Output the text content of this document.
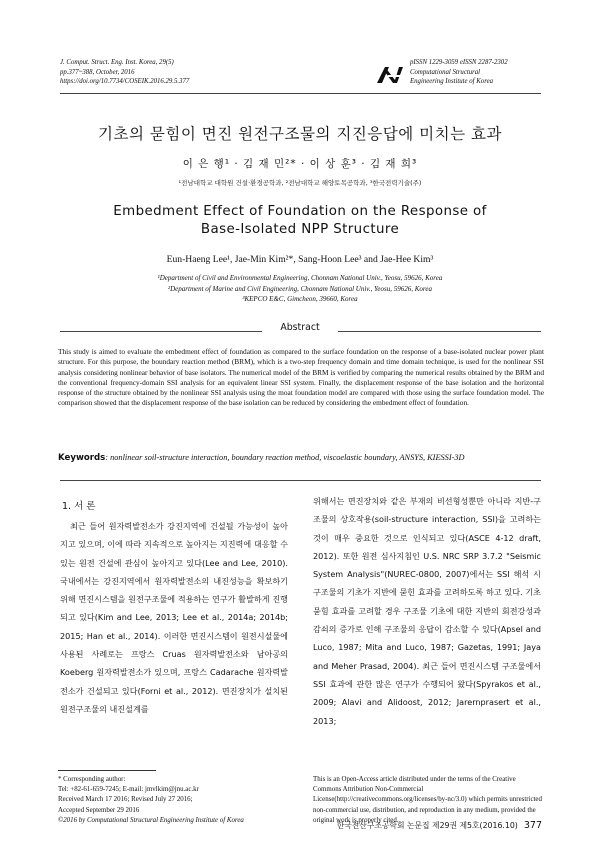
J. Comput. Struct. Eng. Inst. Korea, 29(5)
pp.377~388, October, 2016
https://doi.org/10.7734/COSEIK.2016.29.5.377
pISSN 1229-3059 eISSN 2287-2302
Computational Structural
Engineering Institute of Korea
기초의 묻힘이 면진 원전구조물의 지진응답에 미치는 효과
이 은 행¹ · 김 재 민²* · 이 상 훈³ · 김 재 희³
¹전남대학교 대학원 건설·환경공학과, ²전남대학교 해양토목공학과, ³한국전력기술(주)
Embedment Effect of Foundation on the Response of
Base-Isolated NPP Structure
Eun-Haeng Lee¹, Jae-Min Kim²*, Sang-Hoon Lee³ and Jae-Hee Kim³
¹Department of Civil and Environmental Engineering, Chonnam National Univ., Yeosu, 59626, Korea
²Department of Marine and Civil Engineering, Chonnam National Univ., Yeosu, 59626, Korea
³KEPCO E&C, Gimcheon, 39660, Korea
Abstract
This study is aimed to evaluate the embedment effect of foundation as compared to the surface foundation on the response of a base-isolated nuclear power plant structure. For this purpose, the boundary reaction method (BRM), which is a two-step frequency domain and time domain technique, is used for the nonlinear SSI analysis considering nonlinear behavior of base isolators. The numerical model of the BRM is verified by comparing the numerical results obtained by the BRM and the conventional frequency-domain SSI analysis for an equivalent linear SSI system. Finally, the displacement response of the base isolation and the horizontal response of the structure obtained by the nonlinear SSI analysis using the moat foundation model are compared with those using the surface foundation model. The comparison showed that the displacement response of the base isolation can be reduced by considering the embedment effect of foundation.
Keywords: nonlinear soil-structure interaction, boundary reaction method, viscoelastic boundary, ANSYS, KIESSI-3D
1. 서 론

최근 들어 원자력발전소가 강진지역에 건설될 가능성이 높아지고 있으며, 이에 따라 지속적으로 높아지는 지진력에 대응할 수 있는 원전 건설에 관심이 높아지고 있다(Lee and Lee, 2010). 국내에서는 강진지역에서 원자력발전소의 내진성능을 확보하기 위해 면진시스템을 원전구조물에 적용하는 연구가 활발하게 진행되고 있다(Kim and Lee, 2013; Lee et al., 2014a; 2014b; 2015; Han et al., 2014). 이러한 면진시스템이 원전시설물에 사용된 사례로는 프랑스 Cruas 원자력발전소와 남아공의 Koeberg 원자력발전소가 있으며, 프랑스 Cadarache 원자력발전소가 건설되고 있다(Forni et al., 2012). 면진장치가 설치된 원전구조물의 내진설계를

위해서는 면진장치와 같은 부재의 비선형성뿐만 아니라 지반-구조물의 상호작용(soil-structure interaction, SSI)을 고려하는 것이 매우 중요한 것으로 인식되고 있다(ASCE 4-12 draft, 2012). 또한 원전 심사지침인 U.S. NRC SRP 3.7.2 "Seismic System Analysis"(NUREC-0800, 2007)에서는 SSI 해석 시 구조물의 기초가 지반에 묻힌 효과를 고려하도록 하고 있다. 기초 묻힘 효과를 고려할 경우 구조물 기초에 대한 지반의 회전강성과 감쇠의 증가로 인해 구조물의 응답이 감소할 수 있다(Apsel and Luco, 1987; Mita and Luco, 1987; Gazetas, 1991; Jaya and Meher Prasad, 2004). 최근 들어 면진시스템 구조물에서 SSI 효과에 관한 많은 연구가 수행되어 왔다(Spyrakos et al., 2009; Alavi and Alidoost, 2012; Jarernprasert et al., 2013;

* Corresponding author:
Tel: +82-61-659-7245; E-mail: jmvlkim@jnu.ac.kr
Received March 17 2016; Revised July 27 2016;
Accepted September 29 2016
©2016 by Computational Structural Engineering Institute of Korea
This is an Open-Access article distributed under the terms of the Creative Commons Attribution Non-Commercial License(http://creativecommons.org/licenses/by-nc/3.0) which permits unrestricted non-commercial use, distribution, and reproduction in any medium, provided the original work is properly cited.
한국전산구조공학회 논문집 제29권 제5호(2016.10) 377
